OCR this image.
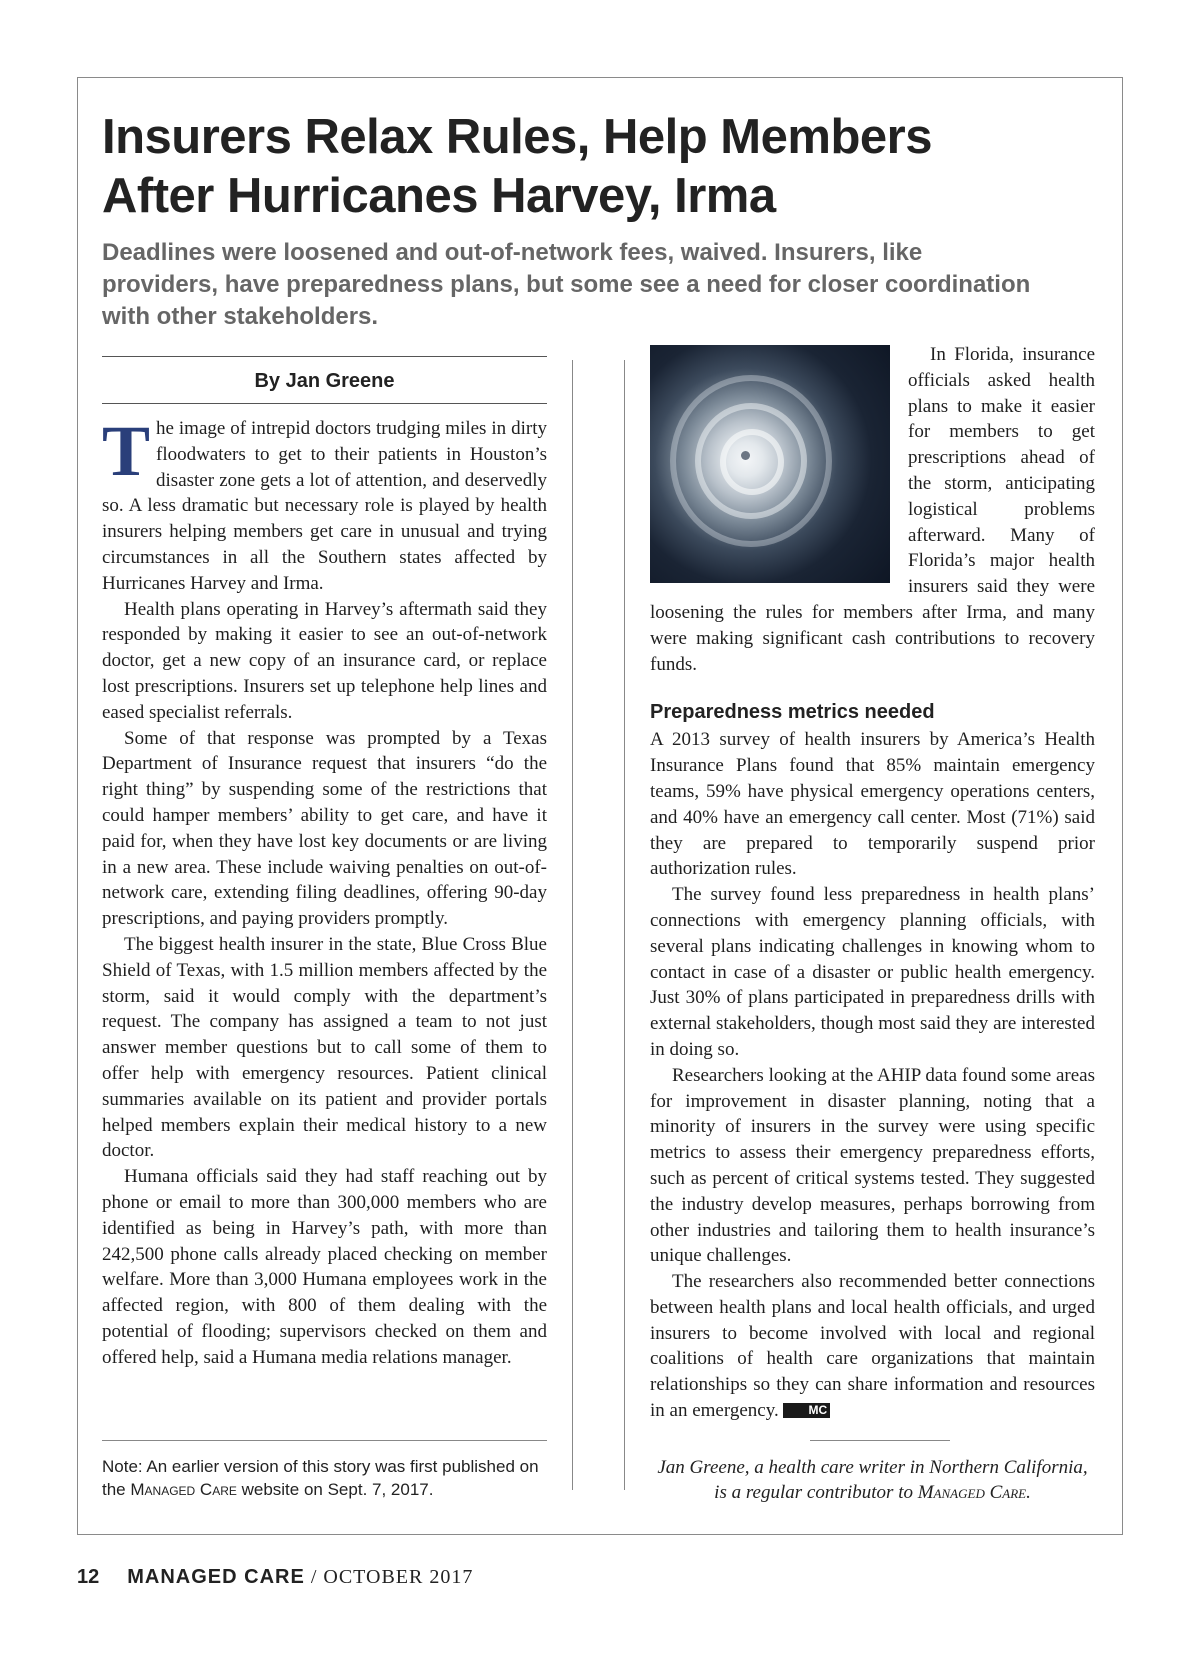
Insurers Relax Rules, Help Members
After Hurricanes Harvey, Irma

Deadlines were loosened and out-of-network fees, waived. Insurers, like providers, have preparedness plans, but some see a need for closer coordination with other stakeholders.

By Jan Greene

The image of intrepid doctors trudging miles in dirty floodwaters to get to their patients in Houston’s disaster zone gets a lot of attention, and deservedly so. A less dramatic but necessary role is played by health insurers helping members get care in unusual and trying circumstances in all the Southern states affected by Hurricanes Harvey and Irma.

Health plans operating in Harvey’s aftermath said they responded by making it easier to see an out-of-network doctor, get a new copy of an insurance card, or replace lost prescriptions. Insurers set up telephone help lines and eased specialist referrals.

Some of that response was prompted by a Texas Department of Insurance request that insurers “do the right thing” by suspending some of the restrictions that could hamper members’ ability to get care, and have it paid for, when they have lost key documents or are living in a new area. These include waiving penalties on out-of-network care, extending filing deadlines, offering 90-day prescriptions, and paying providers promptly.

The biggest health insurer in the state, Blue Cross Blue Shield of Texas, with 1.5 million members affected by the storm, said it would comply with the department’s request. The company has assigned a team to not just answer member questions but to call some of them to offer help with emergency resources. Patient clinical summaries available on its patient and provider portals helped members explain their medical history to a new doctor.

Humana officials said they had staff reaching out by phone or email to more than 300,000 members who are identified as being in Harvey’s path, with more than 242,500 phone calls already placed checking on member welfare. More than 3,000 Humana employees work in the affected region, with 800 of them dealing with the potential of flooding; supervisors checked on them and offered help, said a Humana media relations manager.

Note: An earlier version of this story was first published on the Managed Care website on Sept. 7, 2017.

In Florida, insurance officials asked health plans to make it easier for members to get prescriptions ahead of the storm, anticipating logistical problems afterward. Many of Florida’s major health insurers said they were loosening the rules for members after Irma, and many were making significant cash contributions to recovery funds.

Preparedness metrics needed

A 2013 survey of health insurers by America’s Health Insurance Plans found that 85% maintain emergency teams, 59% have physical emergency operations centers, and 40% have an emergency call center. Most (71%) said they are prepared to temporarily suspend prior authorization rules.

The survey found less preparedness in health plans’ connections with emergency planning officials, with several plans indicating challenges in knowing whom to contact in case of a disaster or public health emergency. Just 30% of plans participated in preparedness drills with external stakeholders, though most said they are interested in doing so.

Researchers looking at the AHIP data found some areas for improvement in disaster planning, noting that a minority of insurers in the survey were using specific metrics to assess their emergency preparedness efforts, such as percent of critical systems tested. They suggested the industry develop measures, perhaps borrowing from other industries and tailoring them to health insurance’s unique challenges.

The researchers also recommended better connections between health plans and local health officials, and urged insurers to become involved with local and regional coalitions of health care organizations that maintain relationships so they can share information and resources in an emergency. MC

Jan Greene, a health care writer in Northern California, is a regular contributor to Managed Care.
12 MANAGED CARE / OCTOBER 2017
